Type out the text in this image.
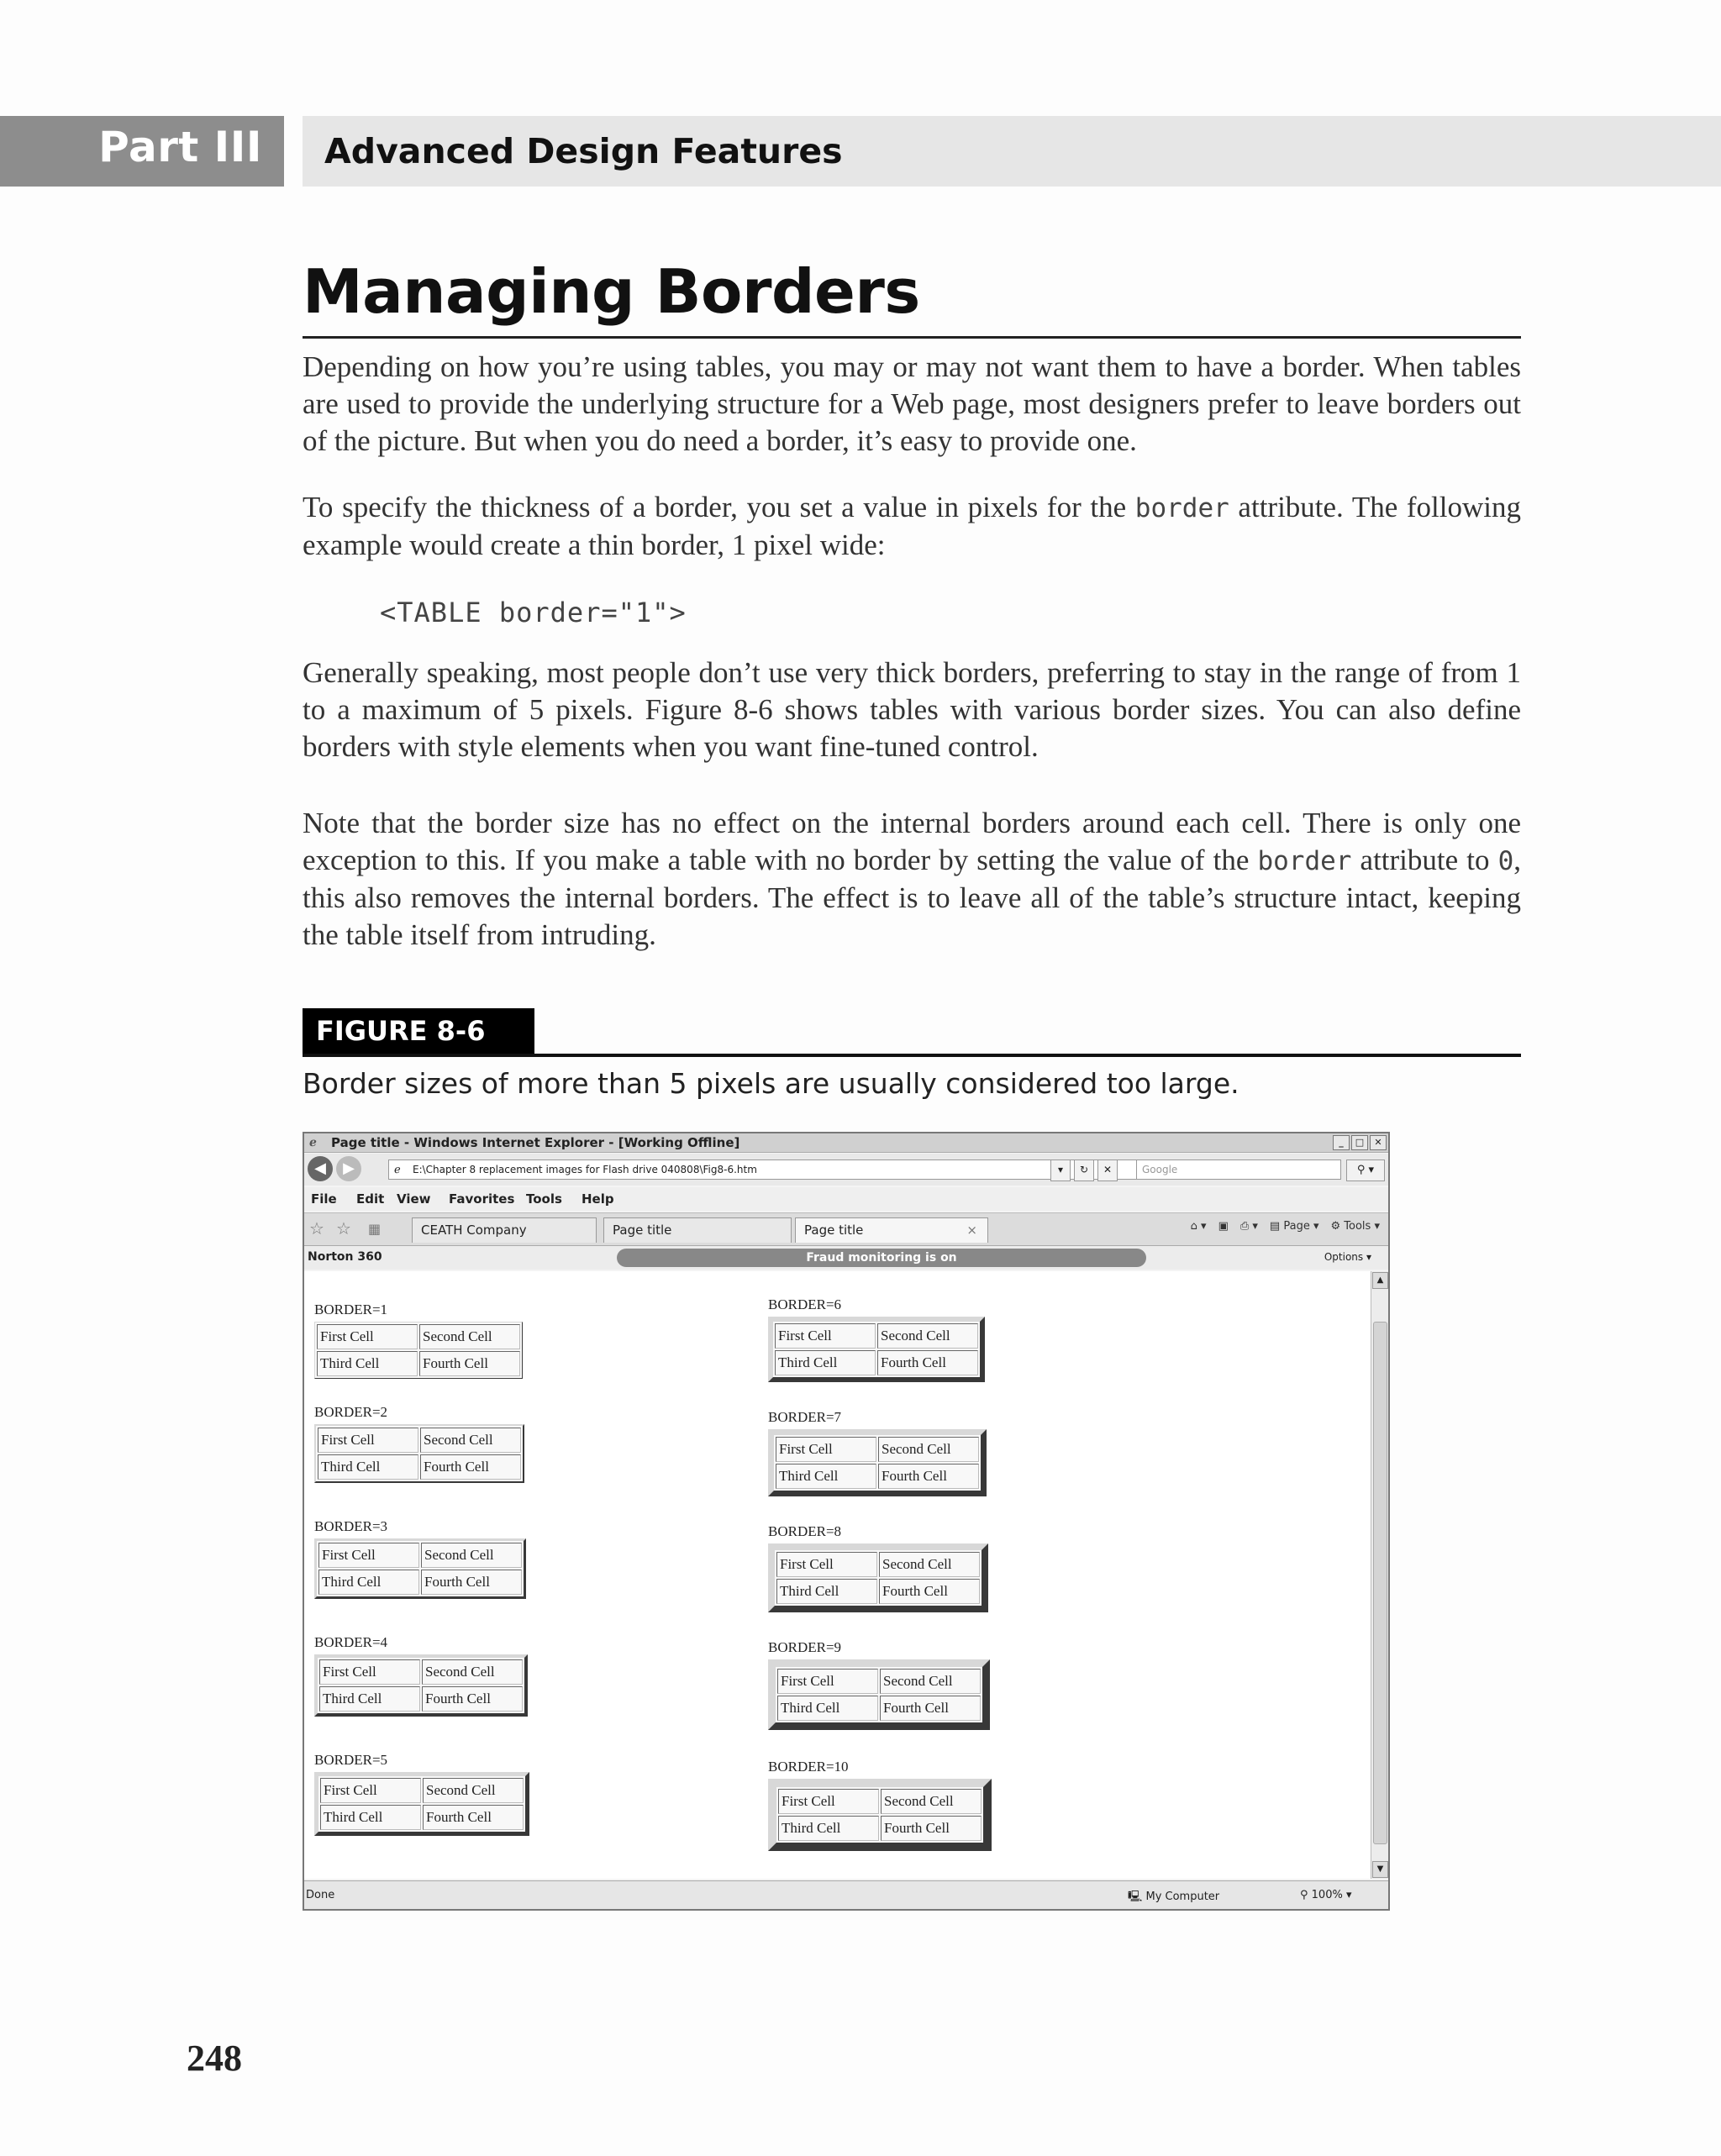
Part III Advanced Design Features
Managing Borders

Depending on how you’re using tables, you may or may not want them to have a border. When tables are used to provide the underlying structure for a Web page, most designers prefer to leave borders out of the picture. But when you do need a border, it’s easy to provide one.

To specify the thickness of a border, you set a value in pixels for the border attribute. The following example would create a thin border, 1 pixel wide:

<TABLE border="1">

Generally speaking, most people don’t use very thick borders, preferring to stay in the range of from 1 to a maximum of 5 pixels. Figure 8-6 shows tables with various border sizes. You can also define borders with style elements when you want fine-tuned control.

Note that the border size has no effect on the internal borders around each cell. There is only one exception to this. If you make a table with no border by setting the value of the border attribute to 0, this also removes the internal borders. The effect is to leave all of the table’s structure intact, keeping the table itself from intruding.

FIGURE 8-6
Border sizes of more than 5 pixels are usually considered too large.
ℯ Page title - Windows Internet Explorer - [Working Offline]	_	□	✕
◀	▶	ℯ E:\Chapter 8 replacement images for Flash drive 040808\Fig8-6.htm	▾	↻	✕	Google	⚲ ▾
File Edit View Favorites Tools Help
☆ ☆ ▦	CEATH Company	Page title	Page title	×	⌂ ▾ ▣ ⎙ ▾ ▤ Page ▾ ⚙ Tools ▾
Norton 360	Fraud monitoring is on	Options ▾
BORDER=1
First Cell	Second Cell
Third Cell	Fourth Cell
BORDER=2
First Cell	Second Cell
Third Cell	Fourth Cell
BORDER=3
First Cell	Second Cell
Third Cell	Fourth Cell
BORDER=4
First Cell	Second Cell
Third Cell	Fourth Cell
BORDER=5
First Cell	Second Cell
Third Cell	Fourth Cell
BORDER=6
First Cell	Second Cell
Third Cell	Fourth Cell
BORDER=7
First Cell	Second Cell
Third Cell	Fourth Cell
BORDER=8
First Cell	Second Cell
Third Cell	Fourth Cell
BORDER=9
First Cell	Second Cell
Third Cell	Fourth Cell
BORDER=10
First Cell	Second Cell
Third Cell	Fourth Cell
▲
▼
Done	🖳 My Computer	⚲ 100% ▾
248
